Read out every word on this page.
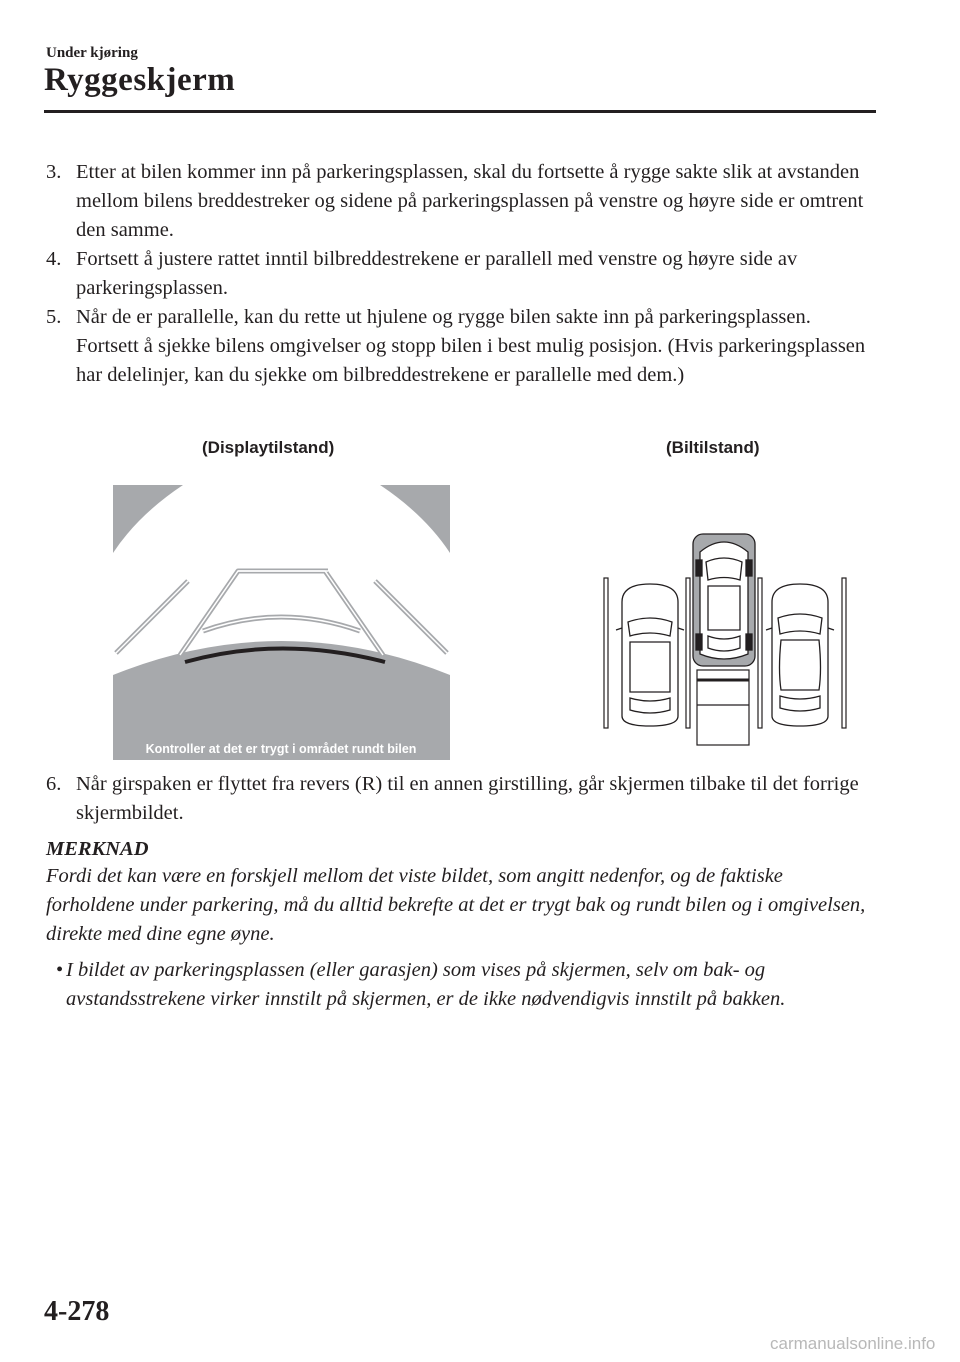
Under kjøring
Ryggeskjerm
3. Etter at bilen kommer inn på parkeringsplassen, skal du fortsette å rygge sakte slik at avstanden mellom bilens breddestreker og sidene på parkeringsplassen på venstre og høyre side er omtrent den samme.
4. Fortsett å justere rattet inntil bilbreddestrekene er parallell med venstre og høyre side av parkeringsplassen.
5. Når de er parallelle, kan du rette ut hjulene og rygge bilen sakte inn på parkeringsplassen. Fortsett å sjekke bilens omgivelser og stopp bilen i best mulig posisjon. (Hvis parkeringsplassen har delelinjer, kan du sjekke om bilbreddestrekene er parallelle med dem.)
(Displaytilstand)	(Biltilstand)
Kontroller at det er trygt i området rundt bilen
6. Når girspaken er flyttet fra revers (R) til en annen girstilling, går skjermen tilbake til det forrige skjermbildet.
MERKNAD
Fordi det kan være en forskjell mellom det viste bildet, som angitt nedenfor, og de faktiske forholdene under parkering, må du alltid bekrefte at det er trygt bak og rundt bilen og i omgivelsen, direkte med dine egne øyne.
• I bildet av parkeringsplassen (eller garasjen) som vises på skjermen, selv om bak- og avstandsstrekene virker innstilt på skjermen, er de ikke nødvendigvis innstilt på bakken.
4-278
carmanualsonline.info
